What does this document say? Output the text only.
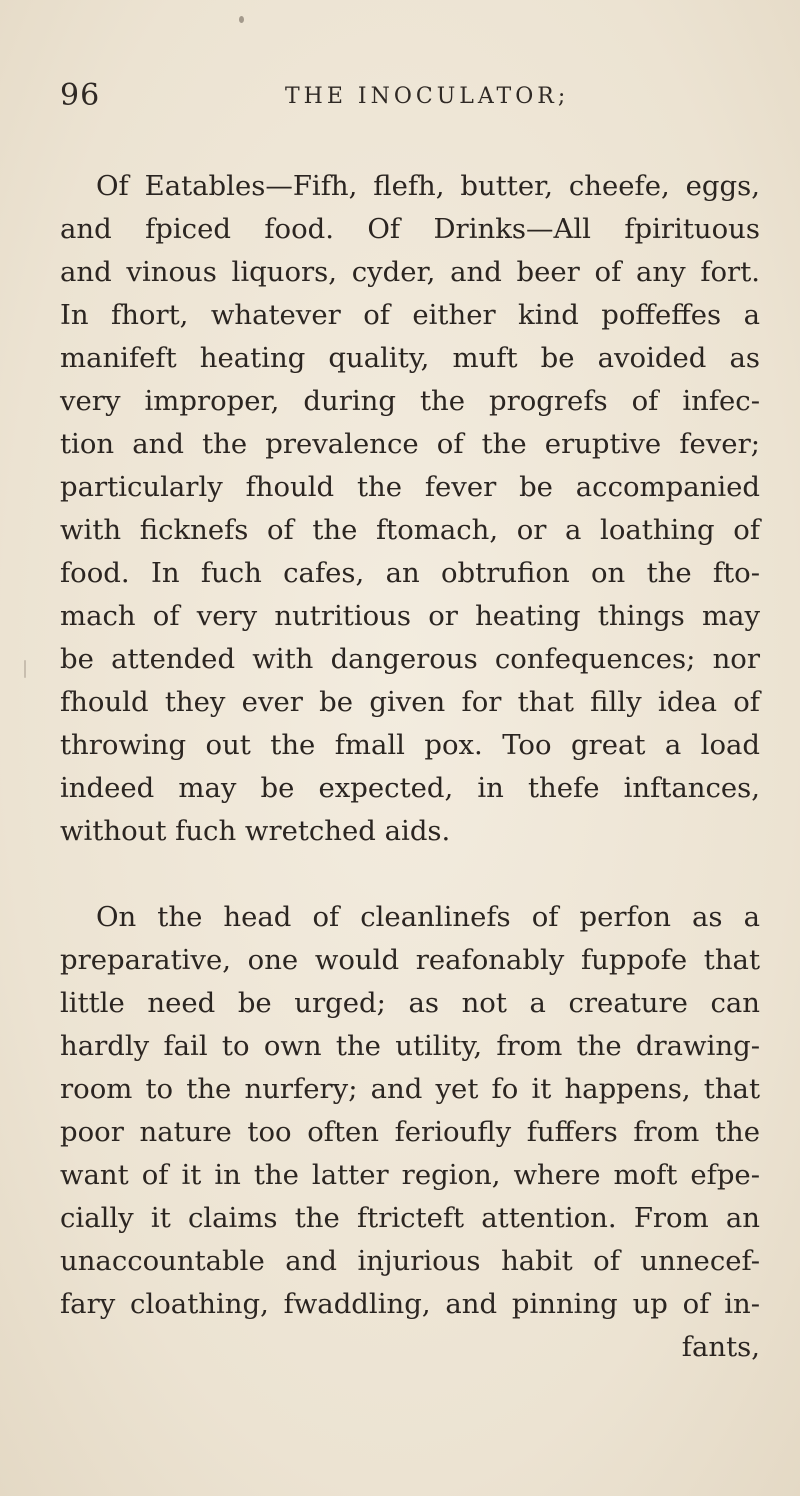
96	THE INOCULATOR;
Of Eatables—Fifh, flefh, butter, cheefe, eggs,
and fpiced food. Of Drinks—All fpirituous
and vinous liquors, cyder, and beer of any fort.
In fhort, whatever of either kind poffeffes a
manifeft heating quality, muft be avoided as
very improper, during the progrefs of infec-
tion and the prevalence of the eruptive fever;
particularly fhould the fever be accompanied
with ficknefs of the ftomach, or a loathing of
food. In fuch cafes, an obtrufion on the fto-
mach of very nutritious or heating things may
be attended with dangerous confequences; nor
fhould they ever be given for that filly idea of
throwing out the fmall pox. Too great a load
indeed may be expected, in thefe inftances,
without fuch wretched aids.
On the head of cleanlinefs of perfon as a
preparative, one would reafonably fuppofe that
little need be urged; as not a creature can
hardly fail to own the utility, from the drawing-
room to the nurfery; and yet fo it happens, that
poor nature too often ferioufly fuffers from the
want of it in the latter region, where moft efpe-
cially it claims the ftricteft attention. From an
unaccountable and injurious habit of unnecef-
fary cloathing, fwaddling, and pinning up of in-
fants,
